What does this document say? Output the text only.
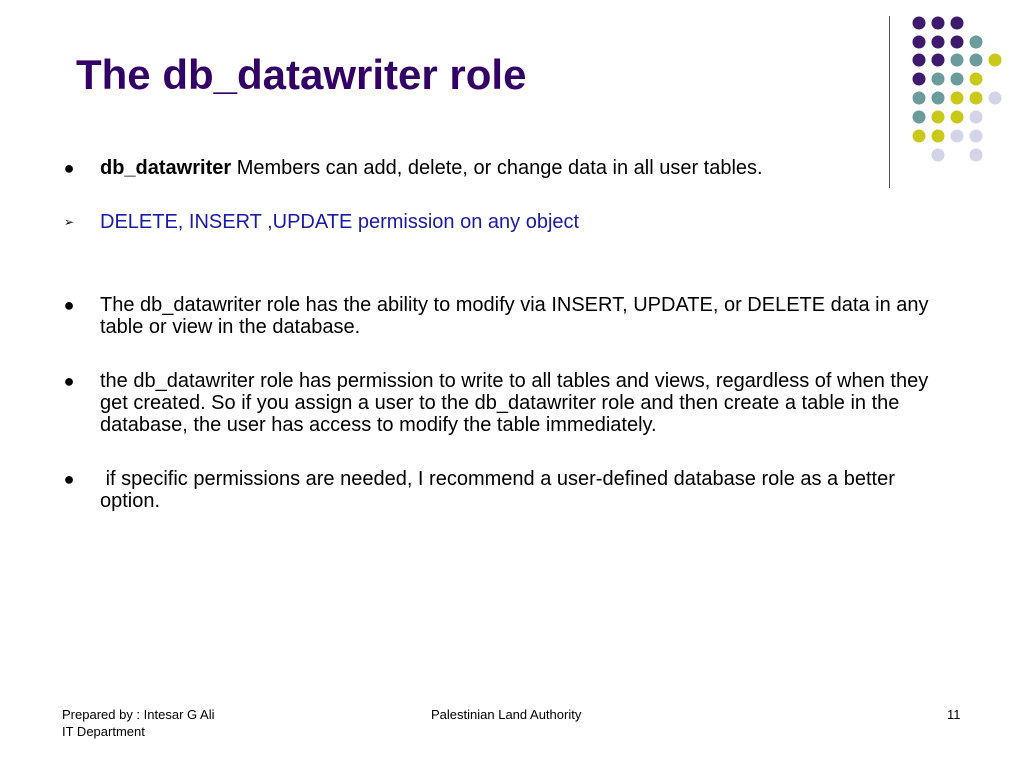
The db_datawriter role
● db_datawriter Members can add, delete, or change data in all user tables.
➢ DELETE, INSERT ,UPDATE permission on any object
● The db_datawriter role has the ability to modify via INSERT, UPDATE, or DELETE data in any table or view in the database.
● the db_datawriter role has permission to write to all tables and views, regardless of when they get created. So if you assign a user to the db_datawriter role and then create a table in the database, the user has access to modify the table immediately.
● if specific permissions are needed, I recommend a user-defined database role as a better option.
Prepared by : Intesar G Ali
IT Department
Palestinian Land Authority	11
